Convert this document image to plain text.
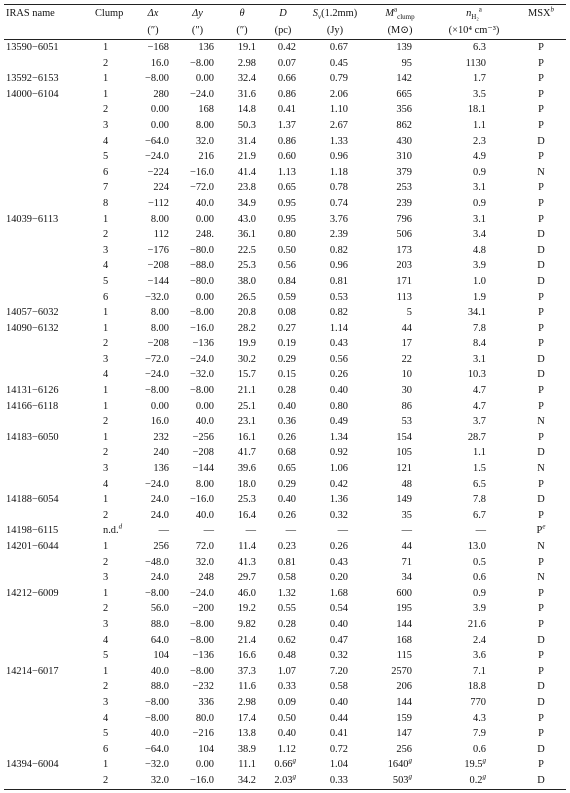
IRAS name	Clump	Δx	Δy	θ	D	$S_\nu(1.2mm)$	$M^a_{clump}$	$n_{H_2}^a$	MSX$^b$
		(″)	(″)	(″)	(pc)	(Jy)	(M⊙)	(×10⁴ cm⁻³)	
13590−6051	1	−168	136	19.1	0.42	0.67	139	6.3	P
	2	16.0	−8.00	2.98	0.07	0.45	95	1130	P
13592−6153	1	−8.00	0.00	32.4	0.66	0.79	142	1.7	P
14000−6104	1	280	−24.0	31.6	0.86	2.06	665	3.5	P
	2	0.00	168	14.8	0.41	1.10	356	18.1	P
	3	0.00	8.00	50.3	1.37	2.67	862	1.1	P
	4	−64.0	32.0	31.4	0.86	1.33	430	2.3	D
	5	−24.0	216	21.9	0.60	0.96	310	4.9	P
	6	−224	−16.0	41.4	1.13	1.18	379	0.9	N
	7	224	−72.0	23.8	0.65	0.78	253	3.1	P
	8	−112	40.0	34.9	0.95	0.74	239	0.9	P
14039−6113	1	8.00	0.00	43.0	0.95	3.76	796	3.1	P
	2	112	248.	36.1	0.80	2.39	506	3.4	D
	3	−176	−80.0	22.5	0.50	0.82	173	4.8	D
	4	−208	−88.0	25.3	0.56	0.96	203	3.9	D
	5	−144	−80.0	38.0	0.84	0.81	171	1.0	D
	6	−32.0	0.00	26.5	0.59	0.53	113	1.9	P
14057−6032	1	8.00	−8.00	20.8	0.08	0.82	5	34.1	P
14090−6132	1	8.00	−16.0	28.2	0.27	1.14	44	7.8	P
	2	−208	−136	19.9	0.19	0.43	17	8.4	P
	3	−72.0	−24.0	30.2	0.29	0.56	22	3.1	D
	4	−24.0	−32.0	15.7	0.15	0.26	10	10.3	D
14131−6126	1	−8.00	−8.00	21.1	0.28	0.40	30	4.7	P
14166−6118	1	0.00	0.00	25.1	0.40	0.80	86	4.7	P
	2	16.0	40.0	23.1	0.36	0.49	53	3.7	N
14183−6050	1	232	−256	16.1	0.26	1.34	154	28.7	P
	2	240	−208	41.7	0.68	0.92	105	1.1	D
	3	136	−144	39.6	0.65	1.06	121	1.5	N
	4	−24.0	8.00	18.0	0.29	0.42	48	6.5	P
14188−6054	1	24.0	−16.0	25.3	0.40	1.36	149	7.8	D
	2	24.0	40.0	16.4	0.26	0.32	35	6.7	P
14198−6115	n.d.$^d$	—	—	—	—	—	—	—	$P^e$
14201−6044	1	256	72.0	11.4	0.23	0.26	44	13.0	N
	2	−48.0	32.0	41.3	0.81	0.43	71	0.5	P
	3	24.0	248	29.7	0.58	0.20	34	0.6	N
14212−6009	1	−8.00	−24.0	46.0	1.32	1.68	600	0.9	P
	2	56.0	−200	19.2	0.55	0.54	195	3.9	P
	3	88.0	−8.00	9.82	0.28	0.40	144	21.6	P
	4	64.0	−8.00	21.4	0.62	0.47	168	2.4	D
	5	104	−136	16.6	0.48	0.32	115	3.6	P
14214−6017	1	40.0	−8.00	37.3	1.07	7.20	2570	7.1	P
	2	88.0	−232	11.6	0.33	0.58	206	18.8	D
	3	−8.00	336	2.98	0.09	0.40	144	770	D
	4	−8.00	80.0	17.4	0.50	0.44	159	4.3	P
	5	40.0	−216	13.8	0.40	0.41	147	7.9	P
	6	−64.0	104	38.9	1.12	0.72	256	0.6	D
14394−6004	1	−32.0	0.00	11.1	0.66$^g$	1.04	1640$^g$	19.5$^g$	P
	2	32.0	−16.0	34.2	2.03$^g$	0.33	503$^g$	0.2$^g$	D
